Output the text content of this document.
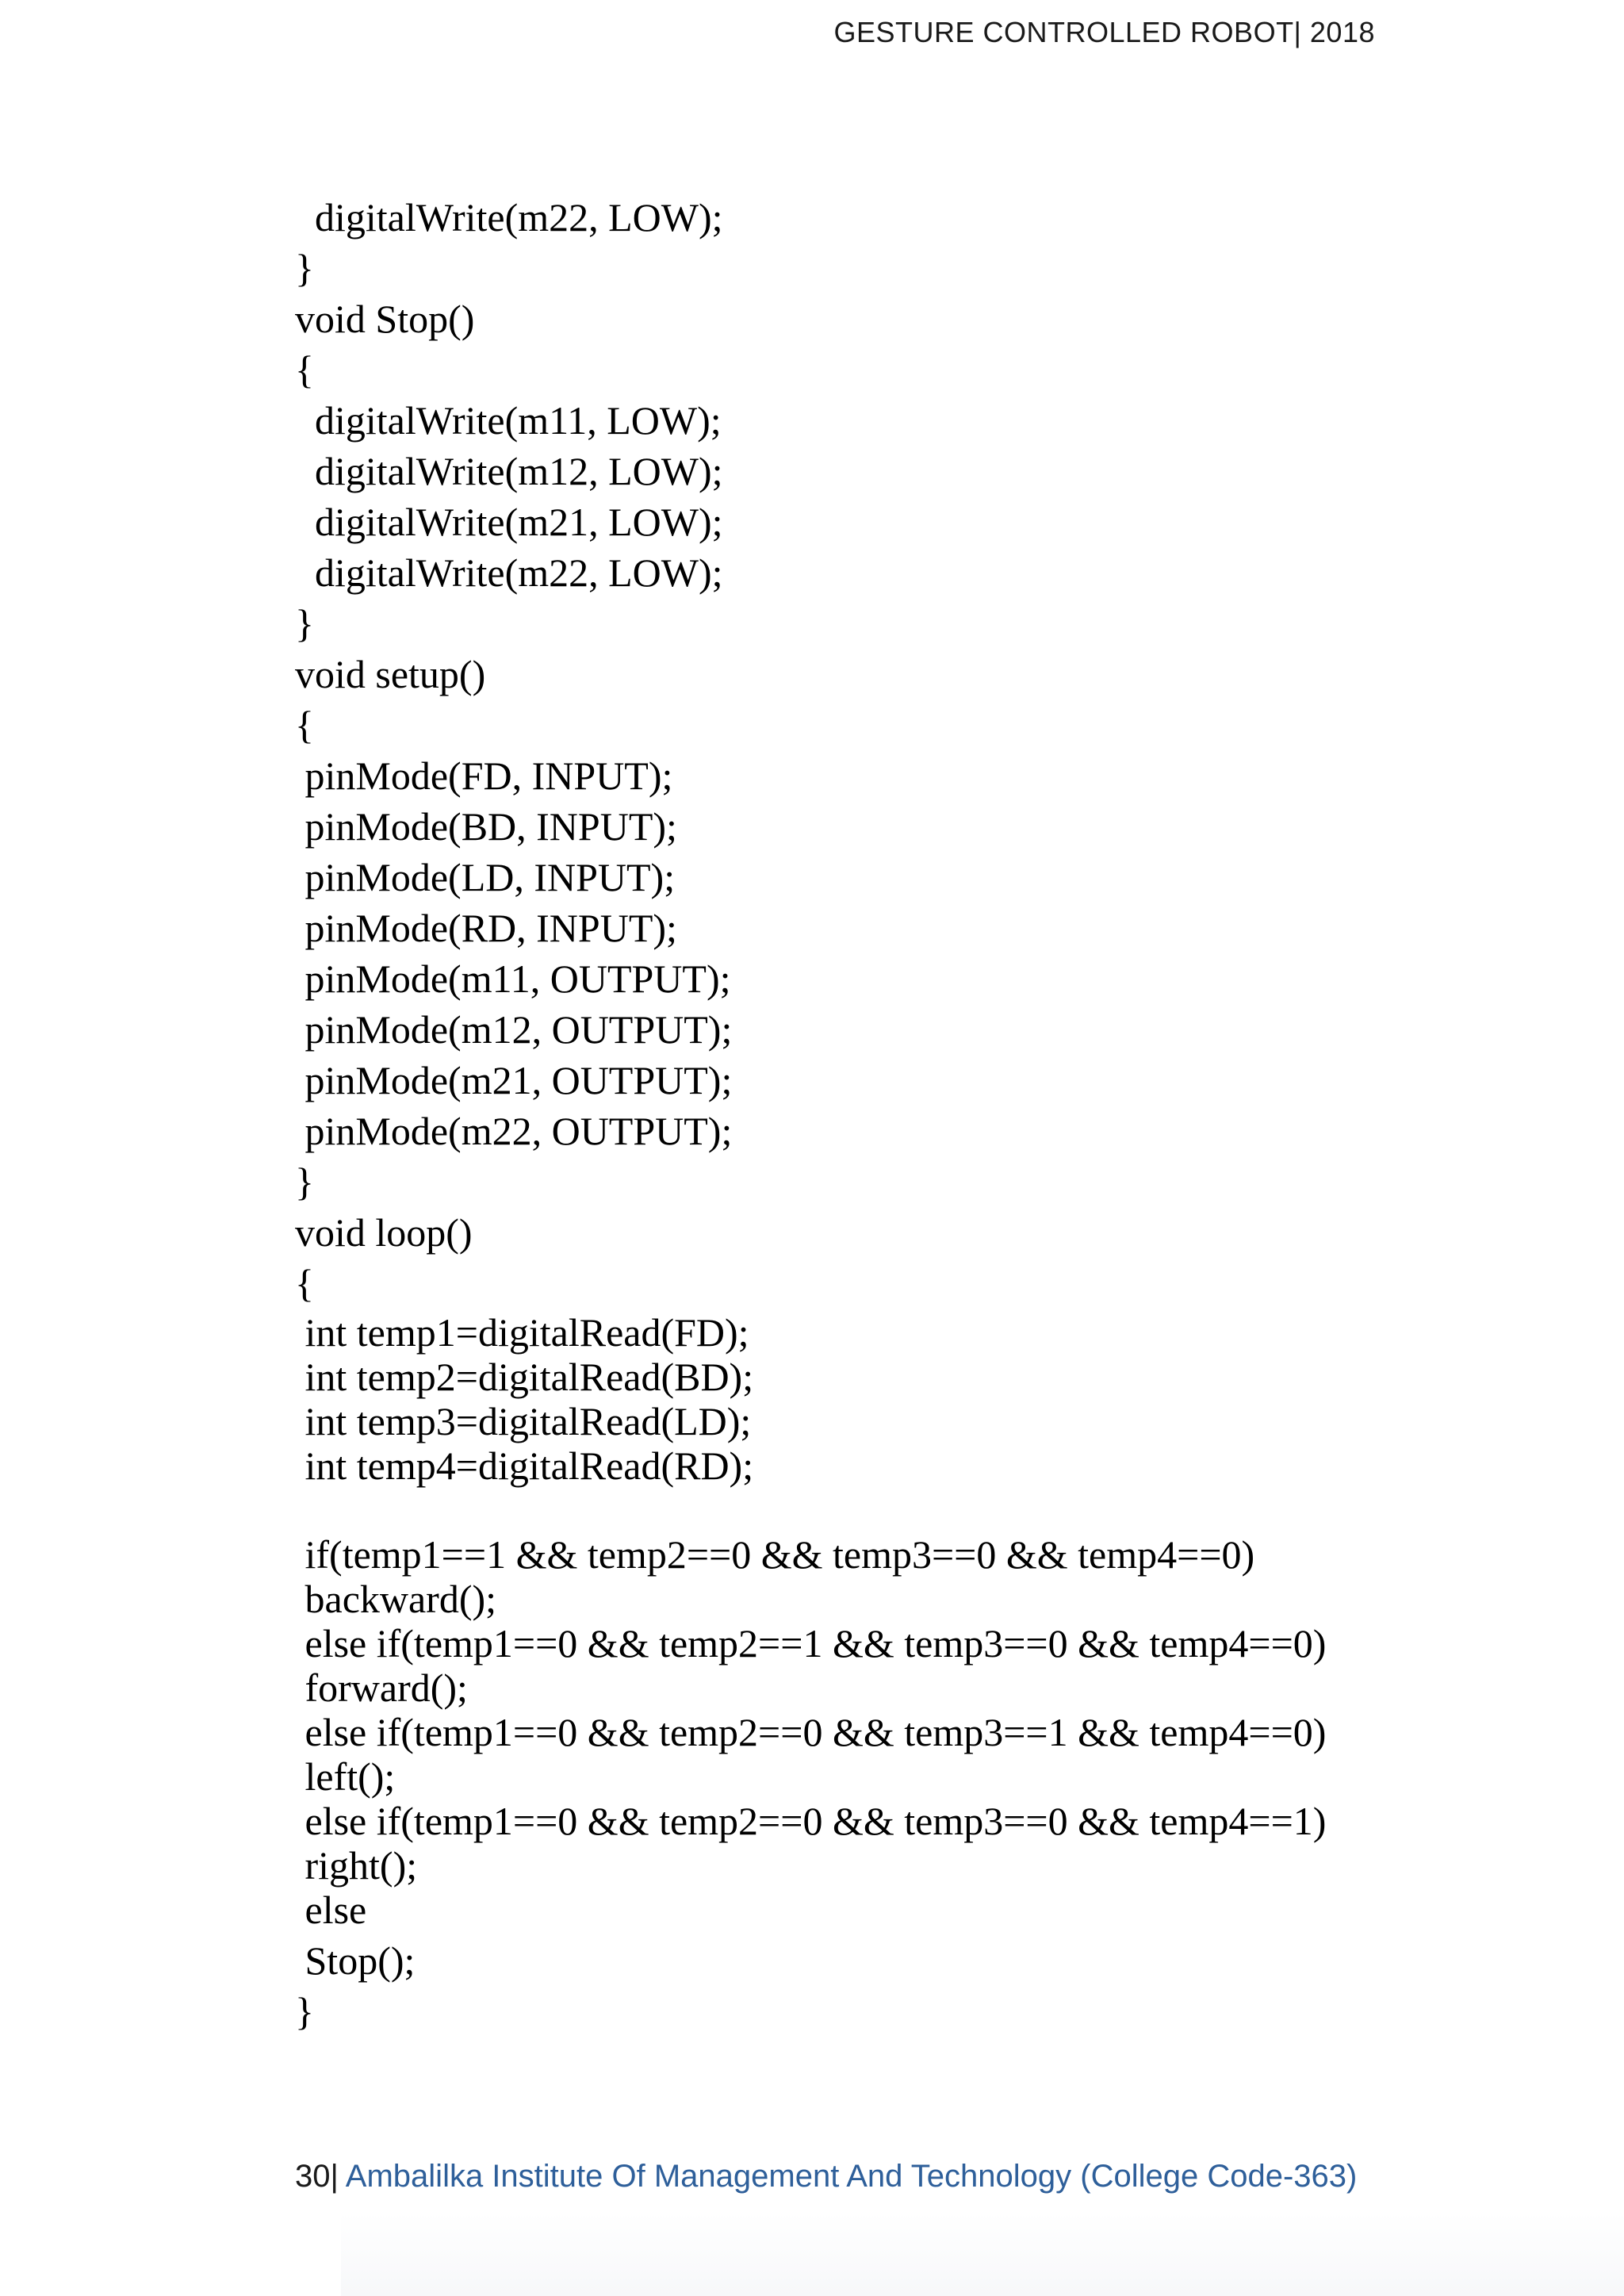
GESTURE CONTROLLED ROBOT| 2018
digitalWrite(m22, LOW);
}
void Stop()
{
digitalWrite(m11, LOW);
digitalWrite(m12, LOW);
digitalWrite(m21, LOW);
digitalWrite(m22, LOW);
}
void setup()
{
pinMode(FD, INPUT);
pinMode(BD, INPUT);
pinMode(LD, INPUT);
pinMode(RD, INPUT);
pinMode(m11, OUTPUT);
pinMode(m12, OUTPUT);
pinMode(m21, OUTPUT);
pinMode(m22, OUTPUT);
}
void loop()
{
int temp1=digitalRead(FD);
int temp2=digitalRead(BD);
int temp3=digitalRead(LD);
int temp4=digitalRead(RD);
if(temp1==1 && temp2==0 && temp3==0 && temp4==0)
backward();
else if(temp1==0 && temp2==1 && temp3==0 && temp4==0)
forward();
else if(temp1==0 && temp2==0 && temp3==1 && temp4==0)
left();
else if(temp1==0 && temp2==0 && temp3==0 && temp4==1)
right();
else
Stop();
}
30| Ambalilka Institute Of Management And Technology (College Code-363)
